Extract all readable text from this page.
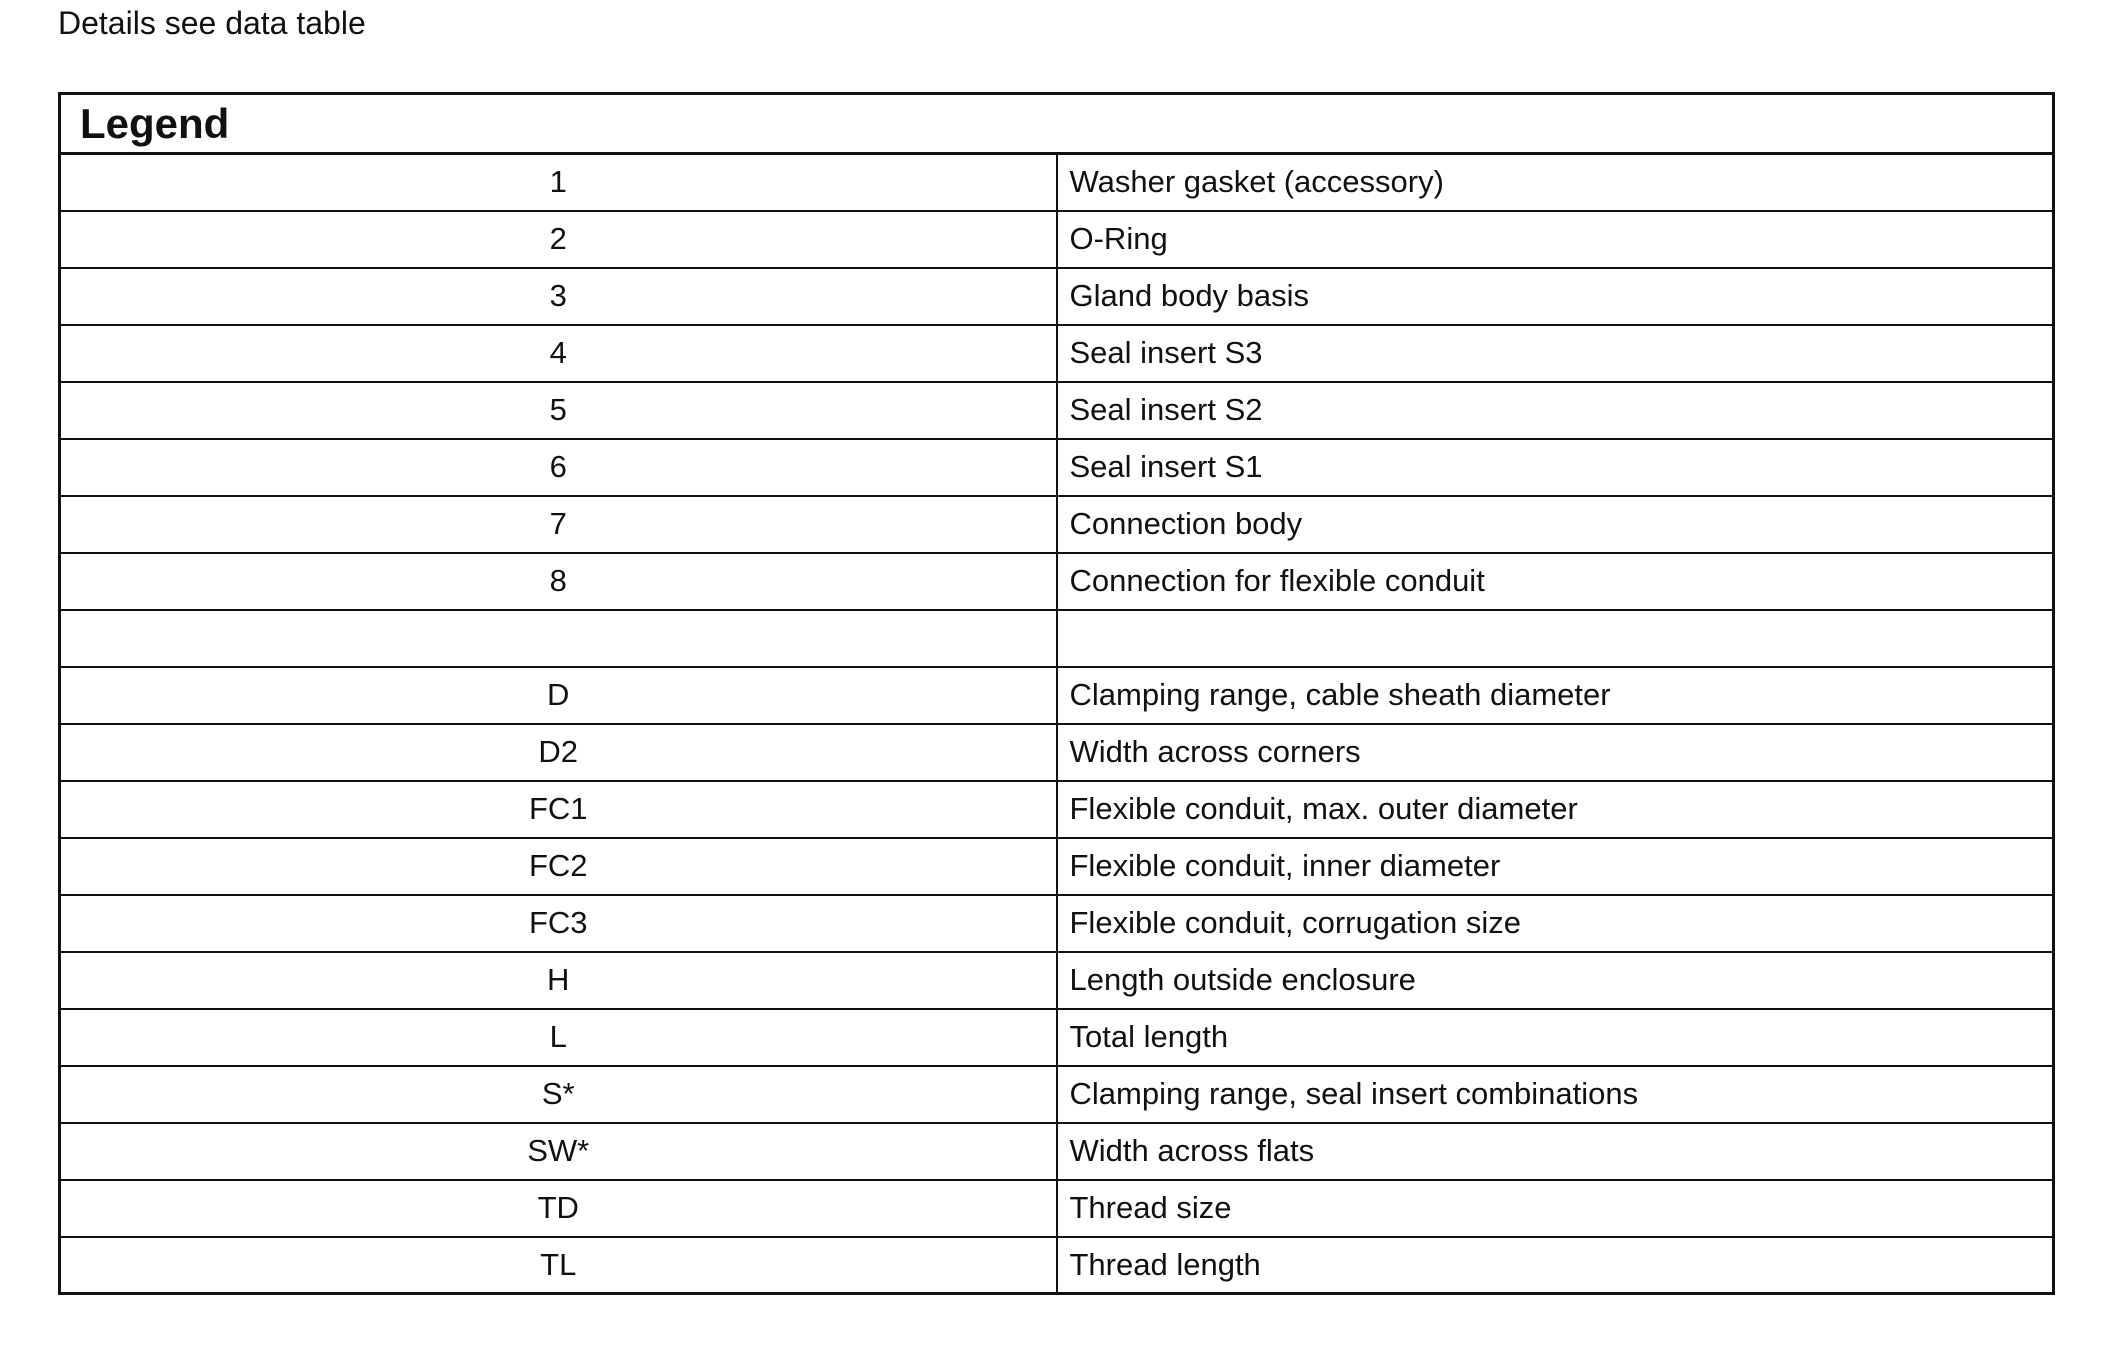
Details see data table
Legend	
1	Washer gasket (accessory)
2	O-Ring
3	Gland body basis
4	Seal insert S3
5	Seal insert S2
6	Seal insert S1
7	Connection body
8	Connection for flexible conduit

D	Clamping range, cable sheath diameter
D2	Width across corners
FC1	Flexible conduit, max. outer diameter
FC2	Flexible conduit, inner diameter
FC3	Flexible conduit, corrugation size
H	Length outside enclosure
L	Total length
S*	Clamping range, seal insert combinations
SW*	Width across flats
TD	Thread size
TL	Thread length
